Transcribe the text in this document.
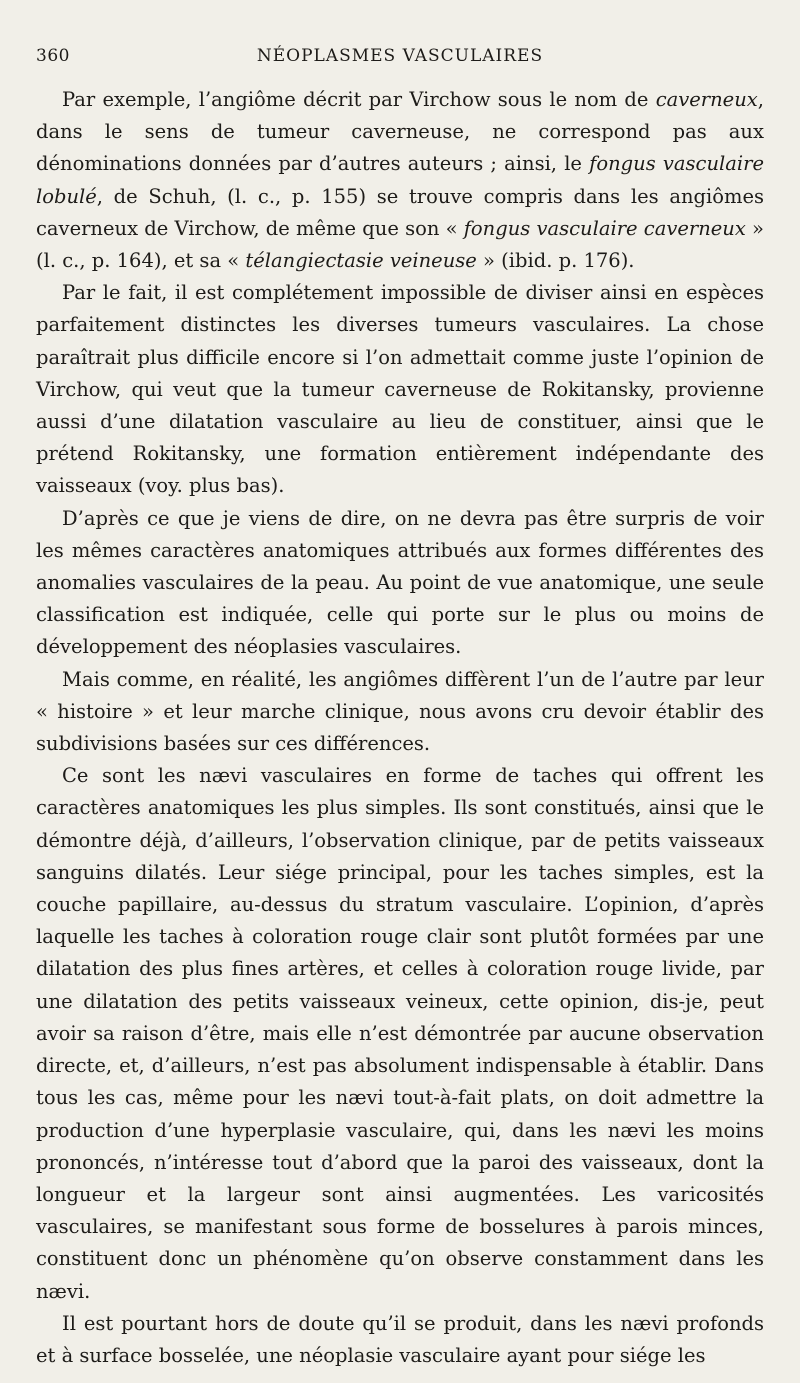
360	NÉOPLASMES VASCULAIRES

Par exemple, l’angiôme décrit par Virchow sous le nom de caverneux, dans le sens de tumeur caverneuse, ne correspond pas aux dénominations données par d’autres auteurs ; ainsi, le fongus vasculaire lobulé, de Schuh, (l. c., p. 155) se trouve compris dans les angiômes caverneux de Virchow, de même que son « fongus vasculaire caverneux » (l. c., p. 164), et sa « télangiectasie veineuse » (ibid. p. 176).

Par le fait, il est complétement impossible de diviser ainsi en espèces parfaitement distinctes les diverses tumeurs vasculaires. La chose paraîtrait plus difficile encore si l’on admettait comme juste l’opinion de Virchow, qui veut que la tumeur caverneuse de Rokitansky, provienne aussi d’une dilatation vasculaire au lieu de constituer, ainsi que le prétend Rokitansky, une formation entièrement indépendante des vaisseaux (voy. plus bas).

D’après ce que je viens de dire, on ne devra pas être surpris de voir les mêmes caractères anatomiques attribués aux formes différentes des anomalies vasculaires de la peau. Au point de vue anatomique, une seule classification est indiquée, celle qui porte sur le plus ou moins de développement des néoplasies vasculaires.

Mais comme, en réalité, les angiômes diffèrent l’un de l’autre par leur « histoire » et leur marche clinique, nous avons cru devoir établir des subdivisions basées sur ces différences.

Ce sont les nævi vasculaires en forme de taches qui offrent les caractères anatomiques les plus simples. Ils sont constitués, ainsi que le démontre déjà, d’ailleurs, l’observation clinique, par de petits vaisseaux sanguins dilatés. Leur siége principal, pour les taches simples, est la couche papillaire, au-dessus du stratum vasculaire. L’opinion, d’après laquelle les taches à coloration rouge clair sont plutôt formées par une dilatation des plus fines artères, et celles à coloration rouge livide, par une dilatation des petits vaisseaux veineux, cette opinion, dis-je, peut avoir sa raison d’être, mais elle n’est démontrée par aucune observation directe, et, d’ailleurs, n’est pas absolument indispensable à établir. Dans tous les cas, même pour les nævi tout-à-fait plats, on doit admettre la production d’une hyperplasie vasculaire, qui, dans les nævi les moins prononcés, n’intéresse tout d’abord que la paroi des vaisseaux, dont la longueur et la largeur sont ainsi augmentées. Les varicosités vasculaires, se manifestant sous forme de bosselures à parois minces, constituent donc un phénomène qu’on observe constamment dans les nævi.

Il est pourtant hors de doute qu’il se produit, dans les nævi profonds et à surface bosselée, une néoplasie vasculaire ayant pour siége les
